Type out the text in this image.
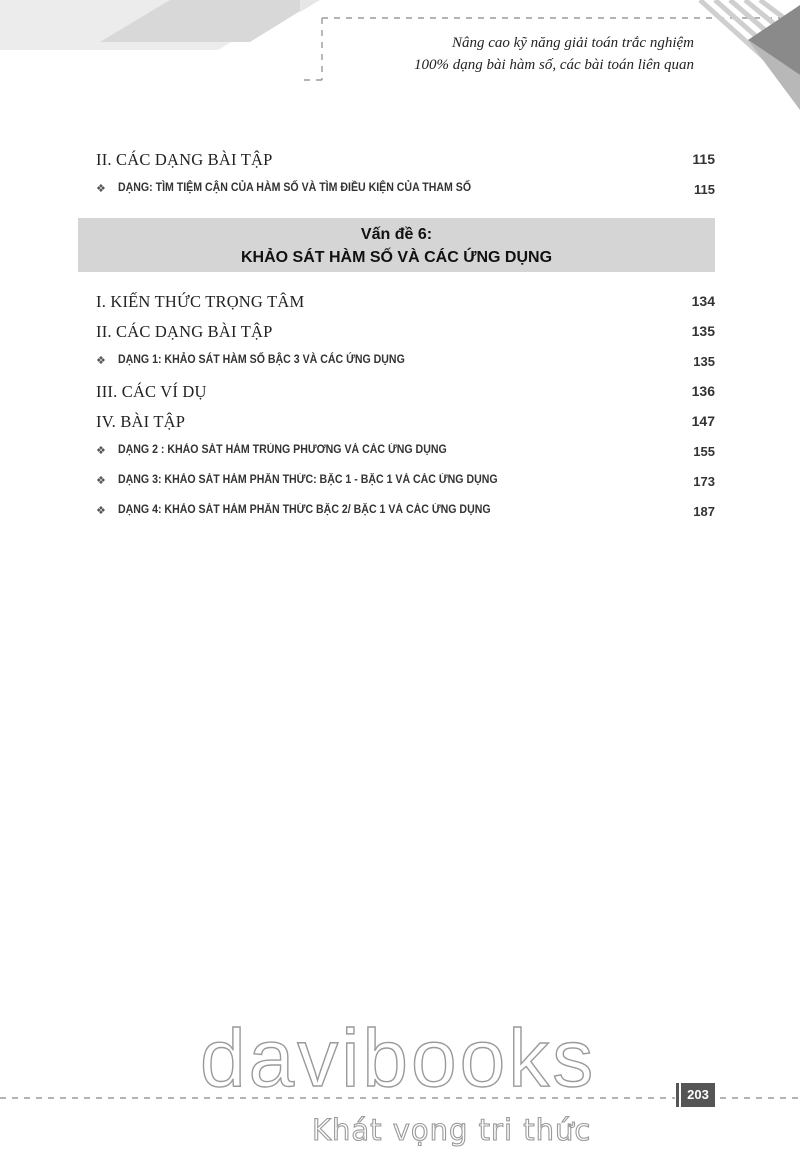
Nâng cao kỹ năng giải toán trắc nghiệm
100% dạng bài hàm số, các bài toán liên quan
II. CÁC DẠNG BÀI TẬP	115
❖ DẠNG: TÌM TIỆM CẬN CỦA HÀM SỐ VÀ TÌM ĐIỀU KIỆN CỦA THAM SỐ	115
Vấn đề 6:
KHẢO SÁT HÀM SỐ VÀ CÁC ỨNG DỤNG
I. KIẾN THỨC TRỌNG TÂM	134
II. CÁC DẠNG BÀI TẬP	135
❖ DẠNG 1: KHẢO SÁT HÀM SỐ BẬC 3 VÀ CÁC ỨNG DỤNG	135
III. CÁC VÍ DỤ	136
IV. BÀI TẬP	147
❖ DẠNG 2 : KHẢO SÁT HÀM TRÙNG PHƯƠNG VÀ CÁC ỨNG DỤNG	155
❖ DẠNG 3: KHẢO SÁT HÀM PHÂN THỨC: BẬC 1 - BẬC 1 VÀ CÁC ỨNG DỤNG	173
❖ DẠNG 4: KHẢO SÁT HÀM PHÂN THỨC BẬC 2/ BẬC 1 VÀ CÁC ỨNG DỤNG	187
davibooks
Khát vọng tri thức
203
